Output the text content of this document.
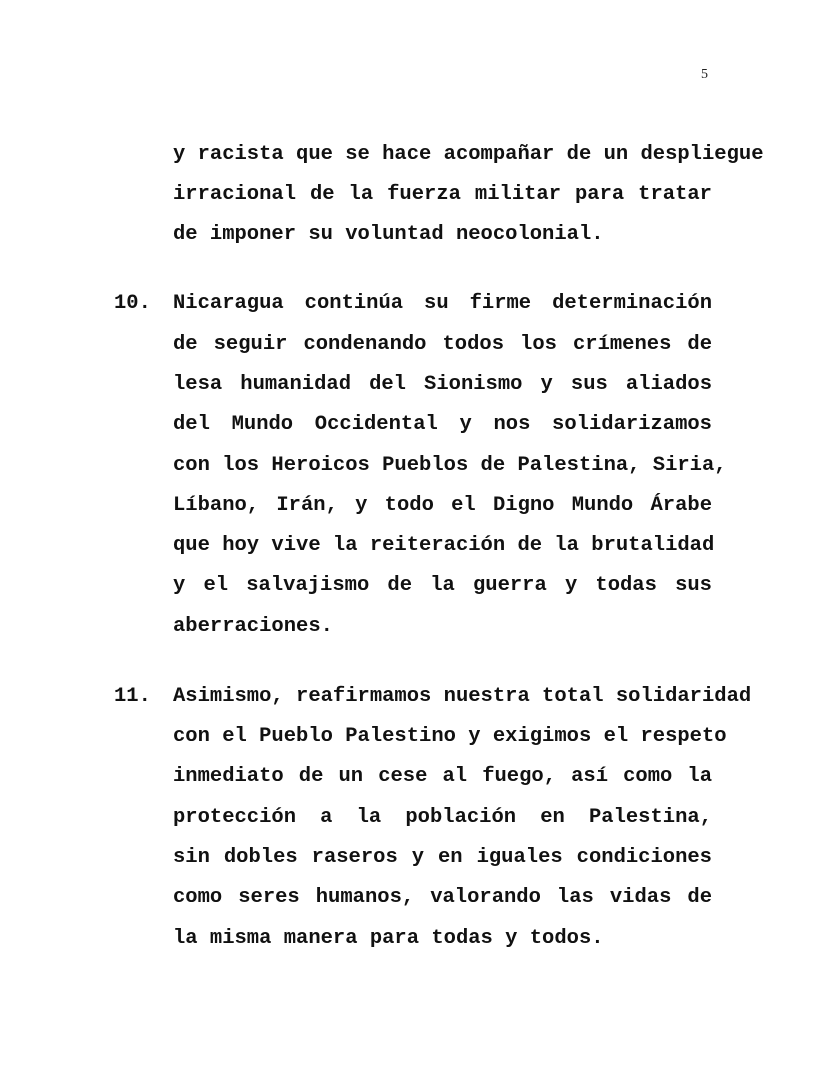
5
y racista que se hace acompañar de un despliegue
irracional de la fuerza militar para tratar
de imponer su voluntad neocolonial.
10. Nicaragua continúa su firme determinación
de seguir condenando todos los crímenes de
lesa humanidad del Sionismo y sus aliados
del Mundo Occidental y nos solidarizamos
con los Heroicos Pueblos de Palestina, Siria,
Líbano, Irán, y todo el Digno Mundo Árabe
que hoy vive la reiteración de la brutalidad
y el salvajismo de la guerra y todas sus
aberraciones.
11. Asimismo, reafirmamos nuestra total solidaridad
con el Pueblo Palestino y exigimos el respeto
inmediato de un cese al fuego, así como la
protección a la población en Palestina,
sin dobles raseros y en iguales condiciones
como seres humanos, valorando las vidas de
la misma manera para todas y todos.
